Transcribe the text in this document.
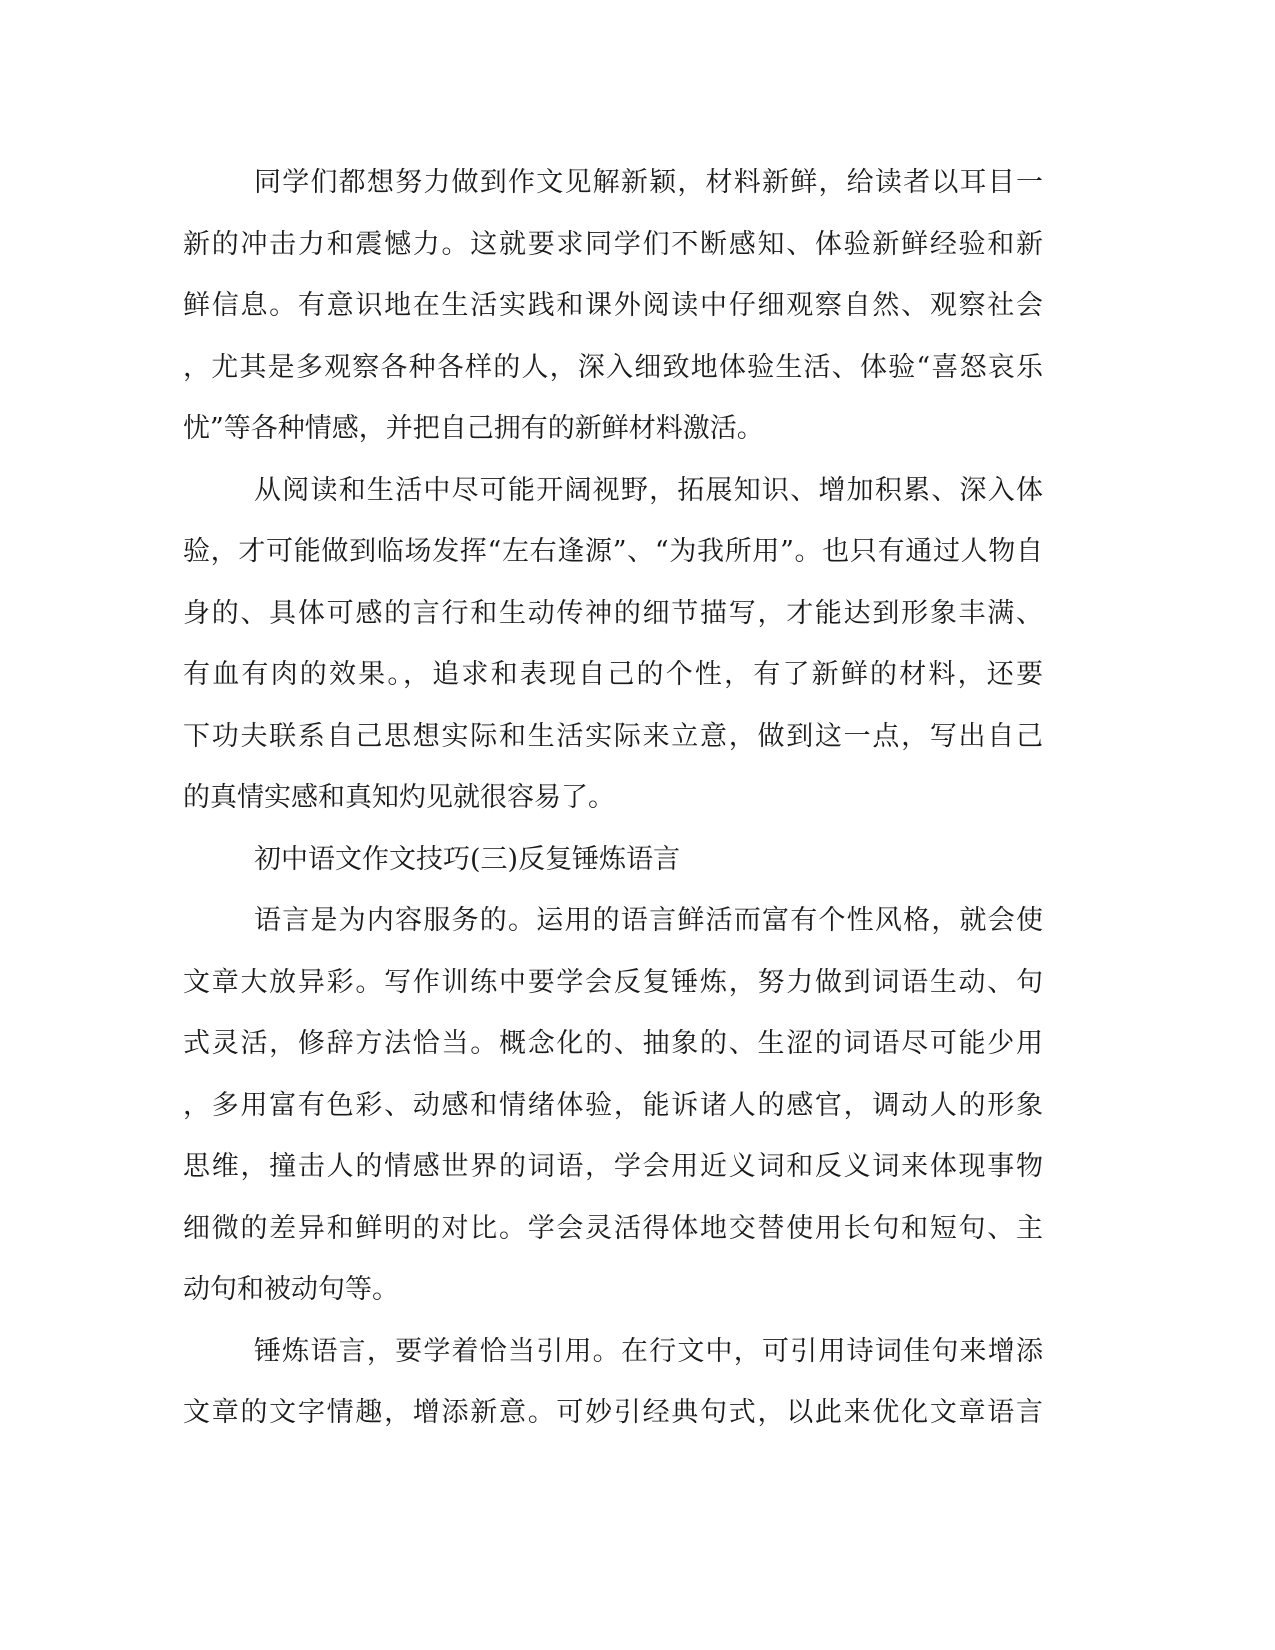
同学们都想努力做到作文见解新颖，材料新鲜，给读者以耳目一
新的冲击力和震憾力。这就要求同学们不断感知、体验新鲜经验和新
鲜信息。有意识地在生活实践和课外阅读中仔细观察自然、观察社会
，尤其是多观察各种各样的人，深入细致地体验生活、体验“喜怒哀乐
忧”等各种情感，并把自己拥有的新鲜材料激活。

从阅读和生活中尽可能开阔视野，拓展知识、增加积累、深入体
验，才可能做到临场发挥“左右逢源”、“为我所用”。也只有通过人物自
身的、具体可感的言行和生动传神的细节描写，才能达到形象丰满、
有血有肉的效果。，追求和表现自己的个性，有了新鲜的材料，还要
下功夫联系自己思想实际和生活实际来立意，做到这一点，写出自己
的真情实感和真知灼见就很容易了。

初中语文作文技巧(三)反复锤炼语言

语言是为内容服务的。运用的语言鲜活而富有个性风格，就会使
文章大放异彩。写作训练中要学会反复锤炼，努力做到词语生动、句
式灵活，修辞方法恰当。概念化的、抽象的、生涩的词语尽可能少用
，多用富有色彩、动感和情绪体验，能诉诸人的感官，调动人的形象
思维，撞击人的情感世界的词语，学会用近义词和反义词来体现事物
细微的差异和鲜明的对比。学会灵活得体地交替使用长句和短句、主
动句和被动句等。

锤炼语言，要学着恰当引用。在行文中，可引用诗词佳句来增添
文章的文字情趣，增添新意。可妙引经典句式，以此来优化文章语言
